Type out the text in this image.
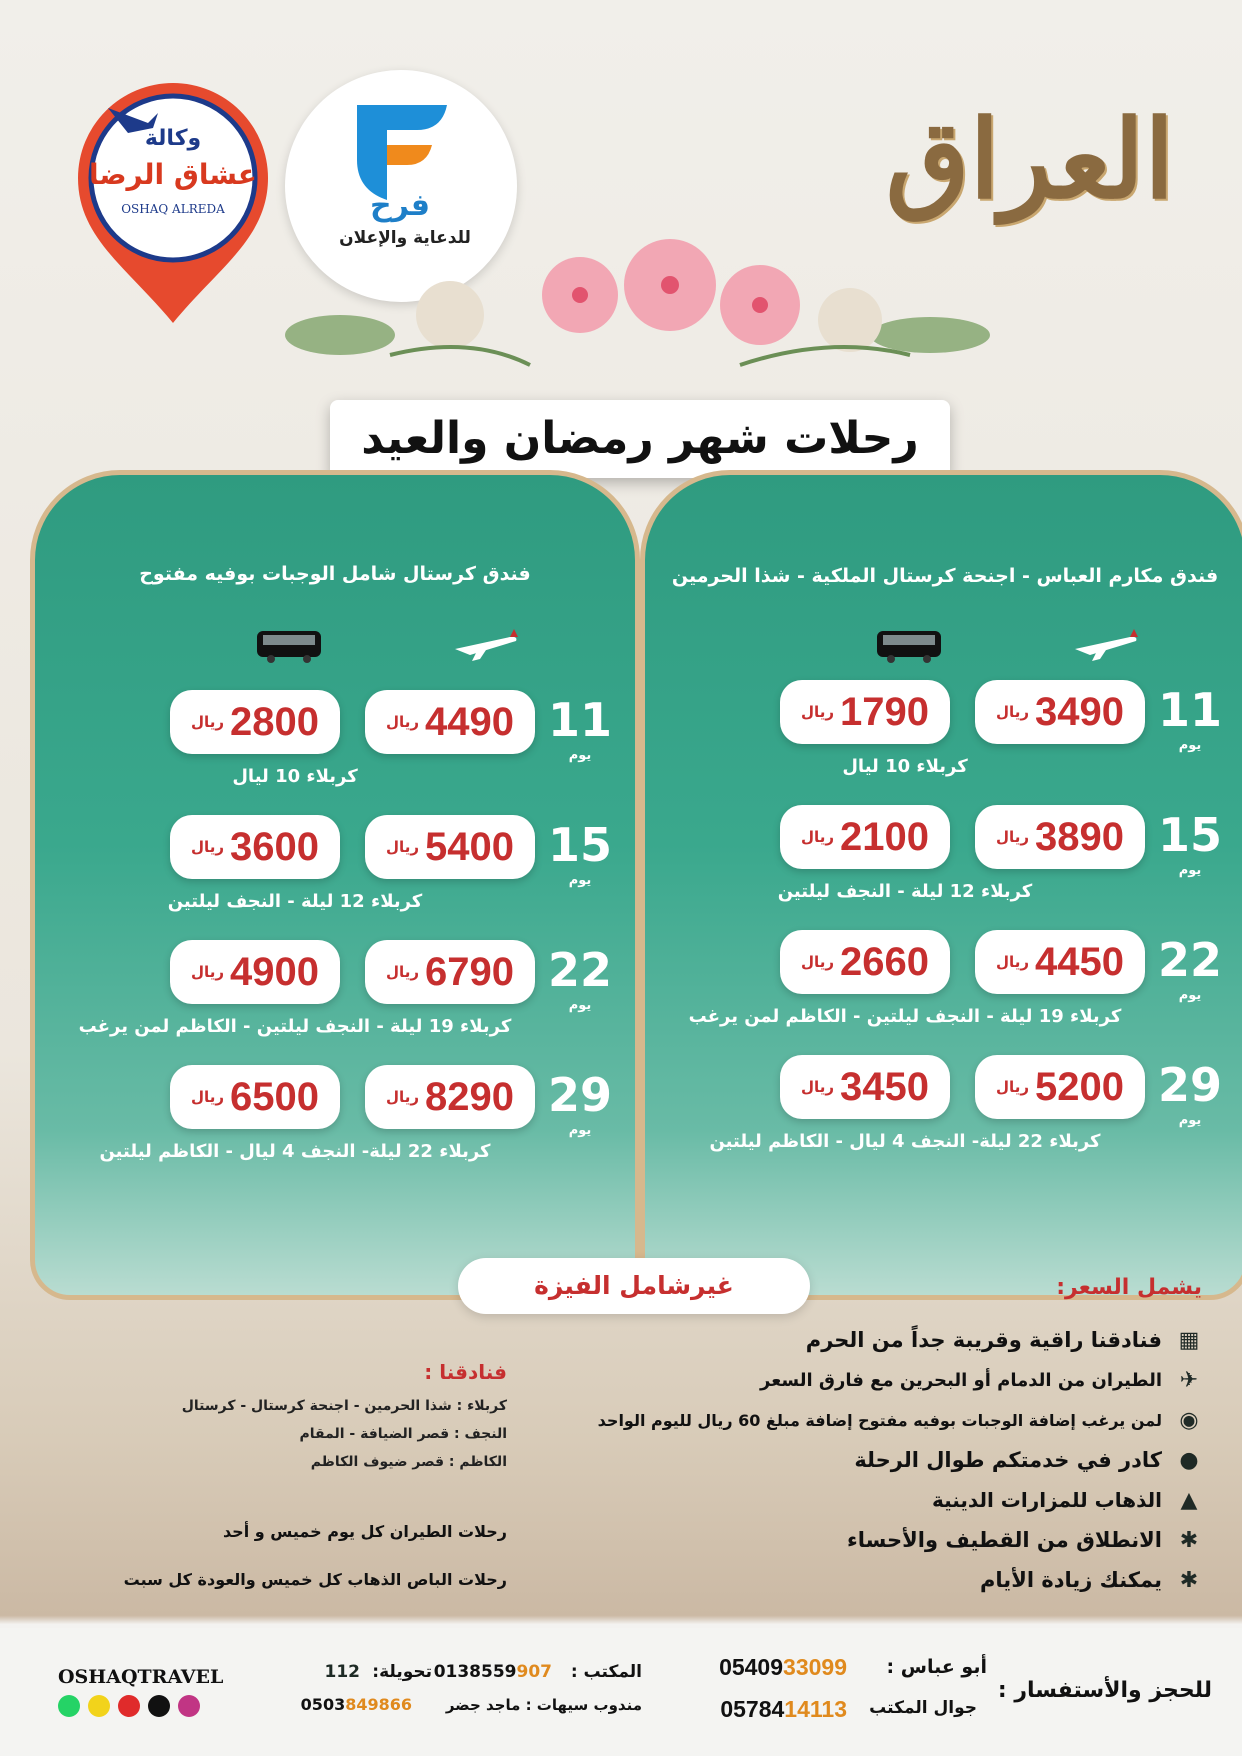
وكالة
عشاق الرضا
OSHAQ ALREDA	فرح
للدعاية والإعلان
العراق
رحلات شهر رمضان والعيد
فندق مكارم العباس - اجنحة كرستال الملكية - شذا الحرمين
11
يوم
ريال 3490
ريال 1790
كربلاء 10 ليال
15
يوم
ريال 3890
ريال 2100
كربلاء 12 ليلة - النجف ليلتين
22
يوم
ريال 4450
ريال 2660
كربلاء 19 ليلة - النجف ليلتين - الكاظم لمن يرغب
29
يوم
ريال 5200
ريال 3450
كربلاء 22 ليلة- النجف 4 ليال - الكاظم ليلتين
فندق كرستال شامل الوجبات بوفيه مفتوح
11
يوم
ريال 4490
ريال 2800
كربلاء 10 ليال
15
يوم
ريال 5400
ريال 3600
كربلاء 12 ليلة - النجف ليلتين
22
يوم
ريال 6790
ريال 4900
كربلاء 19 ليلة - النجف ليلتين - الكاظم لمن يرغب
29
يوم
ريال 8290
ريال 6500
كربلاء 22 ليلة- النجف 4 ليال - الكاظم ليلتين
غيرشامل الفيزة	يشمل السعر:
▦
فنادقنا راقية وقريبة جداً من الحرم
✈
الطيران من الدمام أو البحرين مع فارق السعر
◉
لمن يرغب إضافة الوجبات بوفيه مفتوح إضافة مبلغ 60 ريال لليوم الواحد
●
كادر في خدمتكم طوال الرحلة
▲
الذهاب للمزارات الدينية
✱
الانطلاق من القطيف والأحساء
✱
يمكنك زيادة الأيام
فنادقنا :
كربلاء : شذا الحرمين - اجنحة كرستال - كرستال
النجف : قصر الضيافة - المقام
الكاظم : قصر ضيوف الكاظم
رحلات الطيران كل يوم خميس و أحد
رحلات الباص الذهاب كل خميس والعودة كل سبت
للحجز والأستفسار :
أبو عباس :
0540933099
جوال المكتب
0578414113
المكتب :
0138559907
تحويلة:
112
مندوب سيهات : ماجد جضر
0503849866
OSHAQTRAVEL
